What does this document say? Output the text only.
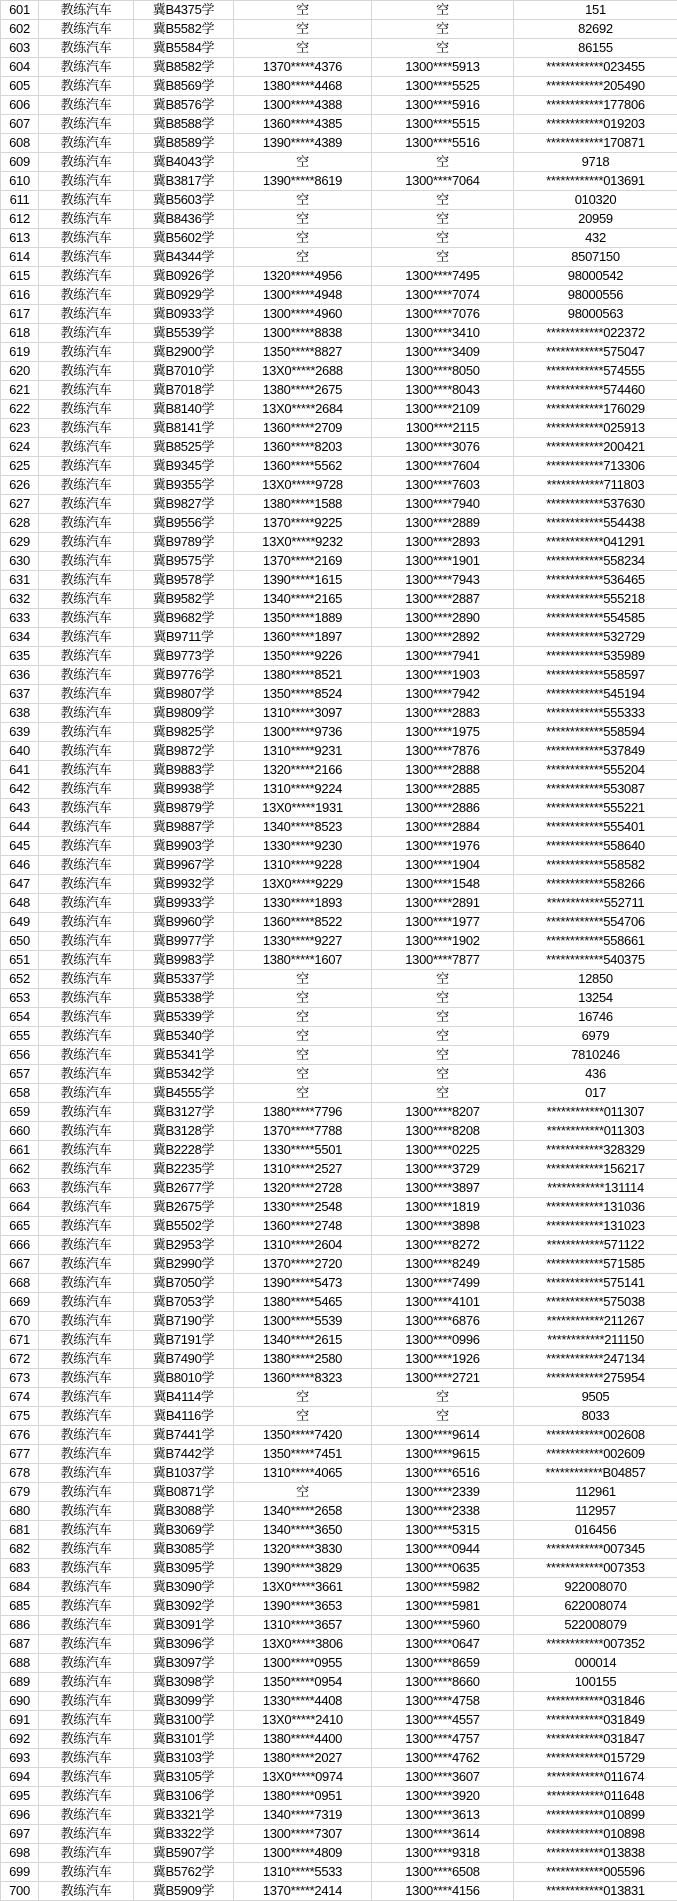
601	教练汽车	冀B4375学	空	空	151
602	教练汽车	冀B5582学	空	空	82692
603	教练汽车	冀B5584学	空	空	86155
604	教练汽车	冀B8582学	1370*****4376	1300****5913	************023455
605	教练汽车	冀B8569学	1380*****4468	1300****5525	************205490
606	教练汽车	冀B8576学	1300*****4388	1300****5916	************177806
607	教练汽车	冀B8588学	1360*****4385	1300****5515	************019203
608	教练汽车	冀B8589学	1390*****4389	1300****5516	************170871
609	教练汽车	冀B4043学	空	空	9718
610	教练汽车	冀B3817学	1390*****8619	1300****7064	************013691
611	教练汽车	冀B5603学	空	空	010320
612	教练汽车	冀B8436学	空	空	20959
613	教练汽车	冀B5602学	空	空	432
614	教练汽车	冀B4344学	空	空	8507150
615	教练汽车	冀B0926学	1320*****4956	1300****7495	98000542
616	教练汽车	冀B0929学	1300*****4948	1300****7074	98000556
617	教练汽车	冀B0933学	1300*****4960	1300****7076	98000563
618	教练汽车	冀B5539学	1300*****8838	1300****3410	************022372
619	教练汽车	冀B2900学	1350*****8827	1300****3409	************575047
620	教练汽车	冀B7010学	13X0*****2688	1300****8050	************574555
621	教练汽车	冀B7018学	1380*****2675	1300****8043	************574460
622	教练汽车	冀B8140学	13X0*****2684	1300****2109	************176029
623	教练汽车	冀B8141学	1360*****2709	1300****2115	************025913
624	教练汽车	冀B8525学	1360*****8203	1300****3076	************200421
625	教练汽车	冀B9345学	1360*****5562	1300****7604	************713306
626	教练汽车	冀B9355学	13X0*****9728	1300****7603	************711803
627	教练汽车	冀B9827学	1380*****1588	1300****7940	************537630
628	教练汽车	冀B9556学	1370*****9225	1300****2889	************554438
629	教练汽车	冀B9789学	13X0*****9232	1300****2893	************041291
630	教练汽车	冀B9575学	1370*****2169	1300****1901	************558234
631	教练汽车	冀B9578学	1390*****1615	1300****7943	************536465
632	教练汽车	冀B9582学	1340*****2165	1300****2887	************555218
633	教练汽车	冀B9682学	1350*****1889	1300****2890	************554585
634	教练汽车	冀B9711学	1360*****1897	1300****2892	************532729
635	教练汽车	冀B9773学	1350*****9226	1300****7941	************535989
636	教练汽车	冀B9776学	1380*****8521	1300****1903	************558597
637	教练汽车	冀B9807学	1350*****8524	1300****7942	************545194
638	教练汽车	冀B9809学	1310*****3097	1300****2883	************555333
639	教练汽车	冀B9825学	1300*****9736	1300****1975	************558594
640	教练汽车	冀B9872学	1310*****9231	1300****7876	************537849
641	教练汽车	冀B9883学	1320*****2166	1300****2888	************555204
642	教练汽车	冀B9938学	1310*****9224	1300****2885	************553087
643	教练汽车	冀B9879学	13X0*****1931	1300****2886	************555221
644	教练汽车	冀B9887学	1340*****8523	1300****2884	************555401
645	教练汽车	冀B9903学	1330*****9230	1300****1976	************558640
646	教练汽车	冀B9967学	1310*****9228	1300****1904	************558582
647	教练汽车	冀B9932学	13X0*****9229	1300****1548	************558266
648	教练汽车	冀B9933学	1330*****1893	1300****2891	************552711
649	教练汽车	冀B9960学	1360*****8522	1300****1977	************554706
650	教练汽车	冀B9977学	1330*****9227	1300****1902	************558661
651	教练汽车	冀B9983学	1380*****1607	1300****7877	************540375
652	教练汽车	冀B5337学	空	空	12850
653	教练汽车	冀B5338学	空	空	13254
654	教练汽车	冀B5339学	空	空	16746
655	教练汽车	冀B5340学	空	空	6979
656	教练汽车	冀B5341学	空	空	7810246
657	教练汽车	冀B5342学	空	空	436
658	教练汽车	冀B4555学	空	空	017
659	教练汽车	冀B3127学	1380*****7796	1300****8207	************011307
660	教练汽车	冀B3128学	1370*****7788	1300****8208	************011303
661	教练汽车	冀B2228学	1330*****5501	1300****0225	************328329
662	教练汽车	冀B2235学	1310*****2527	1300****3729	************156217
663	教练汽车	冀B2677学	1320*****2728	1300****3897	************131114
664	教练汽车	冀B2675学	1330*****2548	1300****1819	************131036
665	教练汽车	冀B5502学	1360*****2748	1300****3898	************131023
666	教练汽车	冀B2953学	1310*****2604	1300****8272	************571122
667	教练汽车	冀B2990学	1370*****2720	1300****8249	************571585
668	教练汽车	冀B7050学	1390*****5473	1300****7499	************575141
669	教练汽车	冀B7053学	1380*****5465	1300****4101	************575038
670	教练汽车	冀B7190学	1300*****5539	1300****6876	************211267
671	教练汽车	冀B7191学	1340*****2615	1300****0996	************211150
672	教练汽车	冀B7490学	1380*****2580	1300****1926	************247134
673	教练汽车	冀B8010学	1360*****8323	1300****2721	************275954
674	教练汽车	冀B4114学	空	空	9505
675	教练汽车	冀B4116学	空	空	8033
676	教练汽车	冀B7441学	1350*****7420	1300****9614	************002608
677	教练汽车	冀B7442学	1350*****7451	1300****9615	************002609
678	教练汽车	冀B1037学	1310*****4065	1300****6516	************B04857
679	教练汽车	冀B0871学	空	1300****2339	112961
680	教练汽车	冀B3088学	1340*****2658	1300****2338	112957
681	教练汽车	冀B3069学	1340*****3650	1300****5315	016456
682	教练汽车	冀B3085学	1320*****3830	1300****0944	************007345
683	教练汽车	冀B3095学	1390*****3829	1300****0635	************007353
684	教练汽车	冀B3090学	13X0*****3661	1300****5982	922008070
685	教练汽车	冀B3092学	1390*****3653	1300****5981	622008074
686	教练汽车	冀B3091学	1310*****3657	1300****5960	522008079
687	教练汽车	冀B3096学	13X0*****3806	1300****0647	************007352
688	教练汽车	冀B3097学	1300*****0955	1300****8659	000014
689	教练汽车	冀B3098学	1350*****0954	1300****8660	100155
690	教练汽车	冀B3099学	1330*****4408	1300****4758	************031846
691	教练汽车	冀B3100学	13X0*****2410	1300****4557	************031849
692	教练汽车	冀B3101学	1380*****4400	1300****4757	************031847
693	教练汽车	冀B3103学	1380*****2027	1300****4762	************015729
694	教练汽车	冀B3105学	13X0*****0974	1300****3607	************011674
695	教练汽车	冀B3106学	1380*****0951	1300****3920	************011648
696	教练汽车	冀B3321学	1340*****7319	1300****3613	************010899
697	教练汽车	冀B3322学	1300*****7307	1300****3614	************010898
698	教练汽车	冀B5907学	1300*****4809	1300****9318	************013838
699	教练汽车	冀B5762学	1310*****5533	1300****6508	************005596
700	教练汽车	冀B5909学	1370*****2414	1300****4156	************013831
